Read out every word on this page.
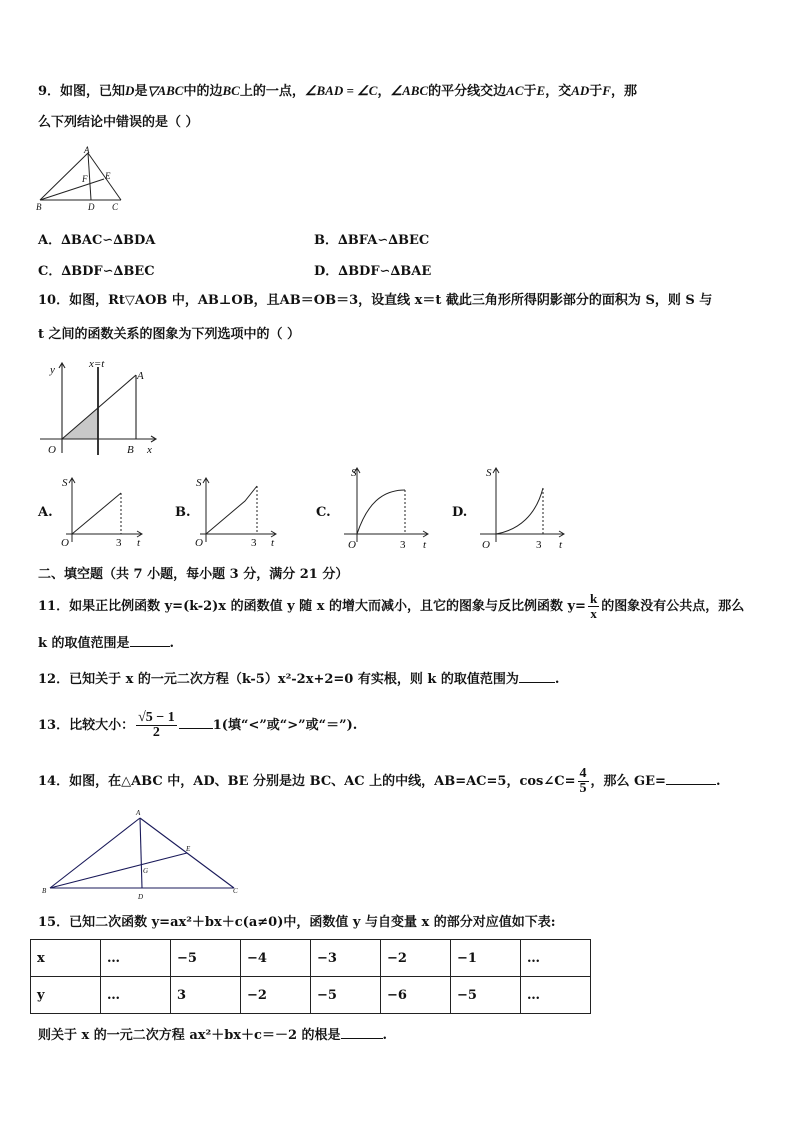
9．如图，已知D是▽ABC中的边BC上的一点，∠BAD = ∠C，∠ABC的平分线交边AC于E，交AD于F，那
么下列结论中错误的是（ ）
A
B	D C
E
F
A．∆BAC∽∆BDA	B．∆BFA∽∆BEC
C．∆BDF∽∆BEC	D．∆BDF∽∆BAE
10．如图，Rt▽AOB 中，AB⊥OB，且AB＝OB＝3，设直线 x＝t 截此三角形所得阴影部分的面积为 S，则 S 与
t 之间的函数关系的图象为下列选项中的（ ）
y	x=t
A
O	B x
A.
S
O	3 t
B.
S
O	3 t
C.
S
O	3 t
D.
S
O	3 t
二、填空题（共 7 小题，每小题 3 分，满分 21 分）
11．如果正比例函数 y=(k-2)x 的函数值 y 随 x 的增大而减小，且它的图象与反比例函数 $y= \frac{k}{x}$ 的图象没有公共点，那么
k 的取值范围是	.
12．已知关于 x 的一元二次方程（k-5）x²-2x+2=0 有实根，则 k 的取值范围为	.
13．比较大小： $\frac{√5 - 1}{2}$	1(填“<”或“>”或“＝”).
14．如图，在△ABC 中，AD、BE 分别是边 BC、AC 上的中线，AB=AC=5，cos∠C= $\frac{4}{5}$ ，那么 GE=	.
A
B	C
D
E
G
15．已知二次函数 y=ax²＋bx＋c(a≠0)中，函数值 y 与自变量 x 的部分对应值如下表:
x	…	−5	−4	−3	−2	−1	…
y	…	3	−2	−5	−6	−5	…
则关于 x 的一元二次方程 ax²＋bx＋c＝－2 的根是	.
